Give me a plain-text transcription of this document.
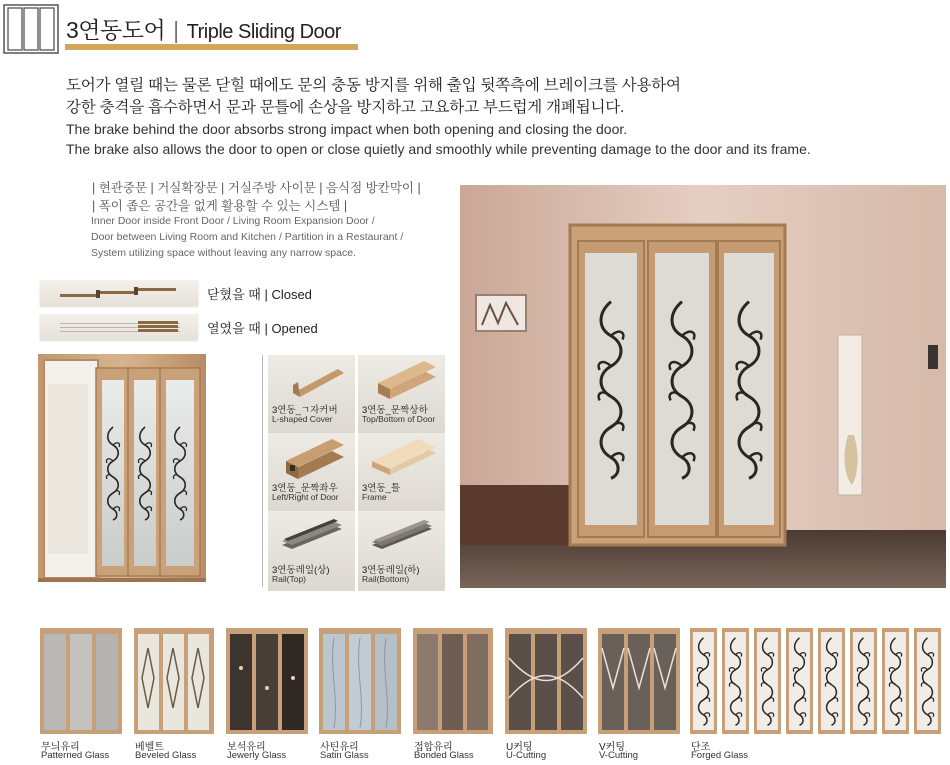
3연동도어 | Triple Sliding Door
도어가 열릴 때는 물론 닫힐 때에도 문의 충동 방지를 위해 출입 뒷쪽측에 브레이크를 사용하여
강한 충격을 흡수하면서 문과 문틀에 손상을 방지하고 고요하고 부드럽게 개폐됩니다.
The brake behind the door absorbs strong impact when both opening and closing the door.
The brake also allows the door to open or close quietly and smoothly while preventing damage to the door and its frame.
| 현관중문 | 거실확장문 | 거실주방 사이문 | 음식점 방칸막이 |
| 폭이 좁은 공간을 없게 활용할 수 있는 시스템 |
Inner Door inside Front Door / Living Room Expansion Door /
Door between Living Room and Kitchen / Partition in a Restaurant /
System utilizing space without leaving any narrow space.
닫혔을 때 | Closed
열였을 때 | Opened
3연동_ㄱ자커버
L-shaped Cover
3연동_문짝상하
Top/Bottom of Door
3연동_문짝좌우
Left/Right of Door
3연동_틀
Frame
3연동레일(상)
Rail(Top)
3연동레일(하)
Rail(Bottom)
무늬유리
Patterned Glass
베벨트
Beveled Glass
보석유리
Jewerly Glass
사틴유리
Satin Glass
접합유리
Bonded Glass
U커팅
U-Cutting
V커팅
V-Cutting
단조
Forged Glass
